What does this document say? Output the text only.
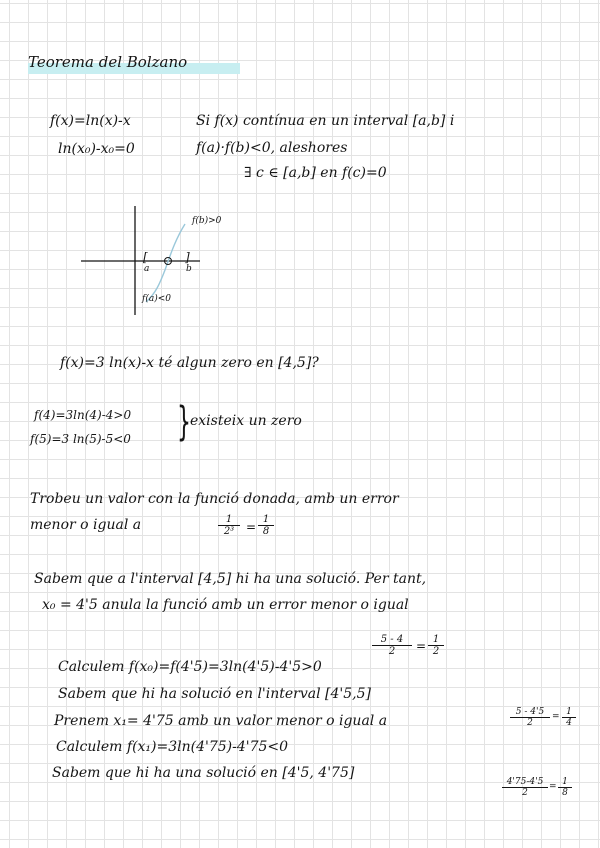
Teorema del Bolzano
f(x)=ln(x)-x
ln(x₀)-x₀=0
Si f(x) contínua en un interval [a,b] i
f(a)·f(b)<0, aleshores
∃ c ∈ [a,b] en f(c)=0
[	]
a	b
f(b)>0
f(a)<0
f(x)=3 ln(x)-x té algun zero en [4,5]?
f(4)=3ln(4)-4>0
f(5)=3 ln(5)-5<0 } existeix un zero
Trobeu un valor con la funció donada, amb un error
menor o igual a	1
2³ =
1
8
Sabem que a l'interval [4,5] hi ha una solució. Per tant,
x₀ = 4'5 anula la funció amb un error menor o igual
5 - 4
2	= 1
2
Calculem f(x₀)=f(4'5)=3ln(4'5)-4'5>0
Sabem que hi ha solució en l'interval [4'5,5]
Prenem x₁= 4'75 amb un valor menor o igual a
5 - 4'5
2
= 1
4
Calculem f(x₁)=3ln(4'75)-4'75<0
Sabem que hi ha una solució en [4'5, 4'75]
4'75-4'5
2
= 1
8
